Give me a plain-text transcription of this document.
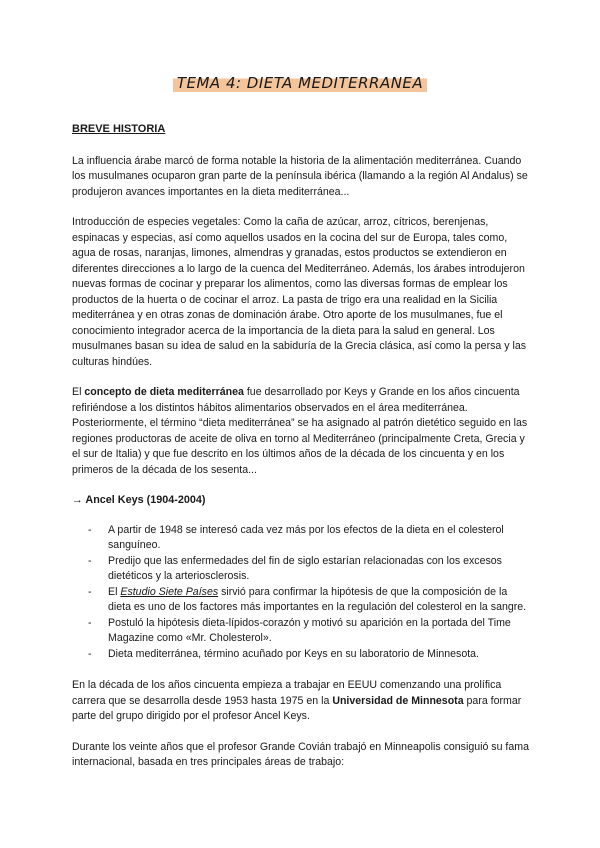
TEMA 4: DIETA MEDITERRANEA
BREVE HISTORIA

La influencia árabe marcó de forma notable la historia de la alimentación mediterránea. Cuando los musulmanes ocuparon gran parte de la península ibérica (llamando a la región Al Andalus) se produjeron avances importantes en la dieta mediterránea...

Introducción de especies vegetales: Como la caña de azúcar, arroz, cítricos, berenjenas, espinacas y especias, así como aquellos usados en la cocina del sur de Europa, tales como, agua de rosas, naranjas, limones, almendras y granadas, estos productos se extendieron en diferentes direcciones a lo largo de la cuenca del Mediterráneo. Además, los árabes introdujeron nuevas formas de cocinar y preparar los alimentos, como las diversas formas de emplear los productos de la huerta o de cocinar el arroz. La pasta de trigo era una realidad en la Sicilia mediterránea y en otras zonas de dominación árabe. Otro aporte de los musulmanes, fue el conocimiento integrador acerca de la importancia de la dieta para la salud en general. Los musulmanes basan su idea de salud en la sabiduría de la Grecia clásica, así como la persa y las culturas hindúes.

El concepto de dieta mediterránea fue desarrollado por Keys y Grande en los años cincuenta refiriéndose a los distintos hábitos alimentarios observados en el área mediterránea. Posteriormente, el término “dieta mediterránea” se ha asignado al patrón dietético seguido en las regiones productoras de aceite de oliva en torno al Mediterráneo (principalmente Creta, Grecia y el sur de Italia) y que fue descrito en los últimos años de la década de los cincuenta y en los primeros de la década de los sesenta...

→ Ancel Keys (1904-2004)
- A partir de 1948 se interesó cada vez más por los efectos de la dieta en el colesterol sanguíneo.
- Predijo que las enfermedades del fin de siglo estarían relacionadas con los excesos dietéticos y la arteriosclerosis.
- El Estudio Siete Países sirvió para confirmar la hipótesis de que la composición de la dieta es uno de los factores más importantes en la regulación del colesterol en la sangre.
- Postuló la hipótesis dieta-lípidos-corazón y motivó su aparición en la portada del Time Magazine como «Mr. Cholesterol».
- Dieta mediterránea, término acuñado por Keys en su laboratorio de Minnesota.

En la década de los años cincuenta empieza a trabajar en EEUU comenzando una prolífica carrera que se desarrolla desde 1953 hasta 1975 en la Universidad de Minnesota para formar parte del grupo dirigido por el profesor Ancel Keys.

Durante los veinte años que el profesor Grande Covián trabajó en Minneapolis consiguió su fama internacional, basada en tres principales áreas de trabajo:
